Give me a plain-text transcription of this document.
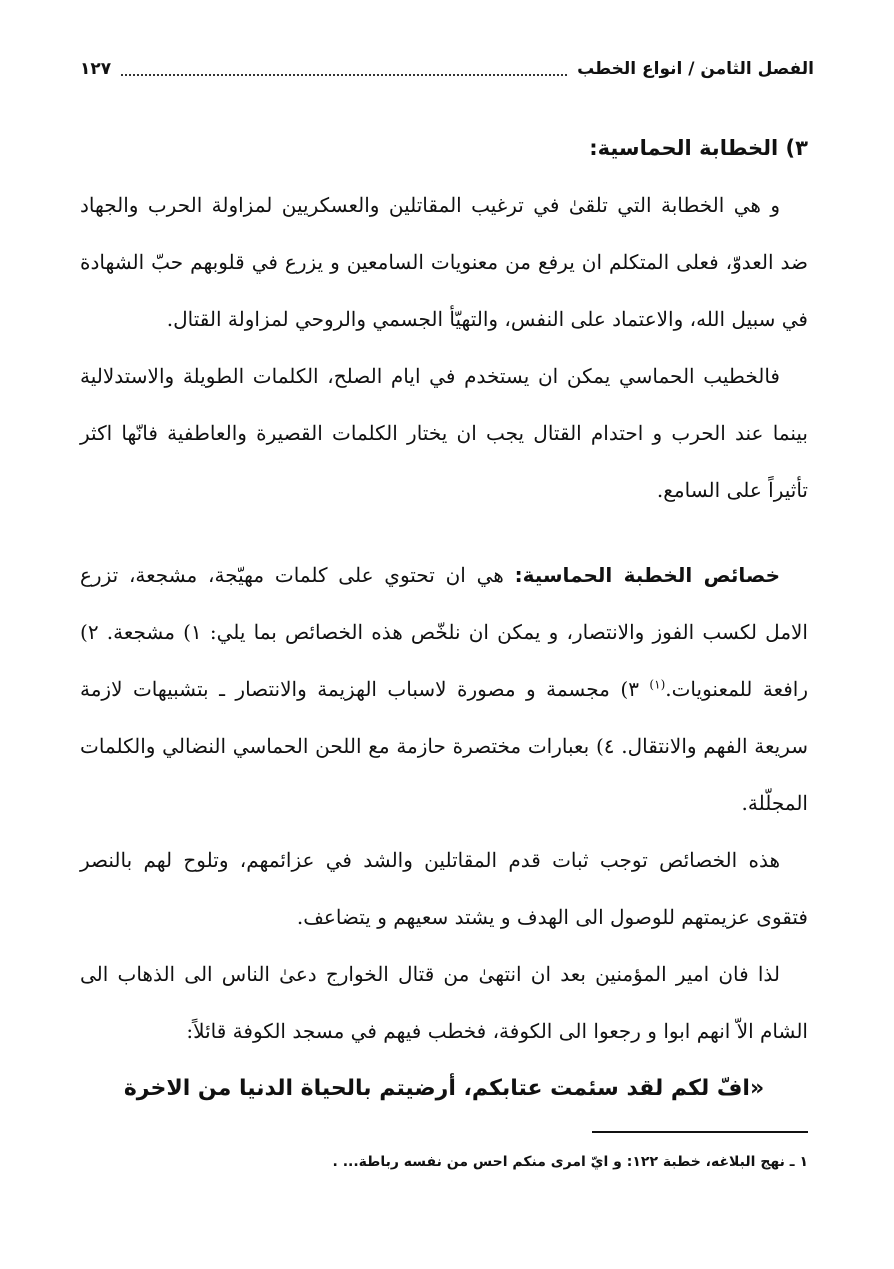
الفصل الثامن / انواع الخطب
١٢٧

٣) الخطابة الحماسية:

و هي الخطابة التي تلقىٰ في ترغيب المقاتلين والعسكريين لمزاولة الحرب والجهاد ضد العدوّ، فعلى المتكلم ان يرفع من معنويات السامعين و يزرع في قلوبهم حبّ الشهادة في سبيل الله، والاعتماد على النفس، والتهيّأ الجسمي والروحي لمزاولة القتال.

فالخطيب الحماسي يمكن ان يستخدم في ايام الصلح، الكلمات الطويلة والاستدلالية بينما عند الحرب و احتدام القتال يجب ان يختار الكلمات القصيرة والعاطفية فانّها اكثر تأثيراً على السامع.

خصائص الخطبة الحماسية: هي ان تحتوي على كلمات مهيّجة، مشجعة، تزرع الامل لكسب الفوز والانتصار، و يمكن ان نلخّص هذه الخصائص بما يلي: ١) مشجعة. ٢) رافعة للمعنويات.$^{(١)}$ ٣) مجسمة و مصورة لاسباب الهزيمة والانتصار ـ بتشبيهات لازمة سريعة الفهم والانتقال. ٤) بعبارات مختصرة حازمة مع اللحن الحماسي النضالي والكلمات المجلّلة.

هذه الخصائص توجب ثبات قدم المقاتلين والشد في عزائمهم، وتلوح لهم بالنصر فتقوى عزيمتهم للوصول الى الهدف و يشتد سعيهم و يتضاعف.

لذا فان امير المؤمنين بعد ان انتهىٰ من قتال الخوارج دعىٰ الناس الى الذهاب الى الشام الاّ انهم ابوا و رجعوا الى الكوفة، فخطب فيهم في مسجد الكوفة قائلاً:

«افّ لكم لقد سئمت عتابكم، أرضيتم بالحياة الدنيا من الاخرة

١ ـ نهج البلاغه، خطبة ١٢٢: و ايّ امرى منكم احس من نفسه رباطة... .
